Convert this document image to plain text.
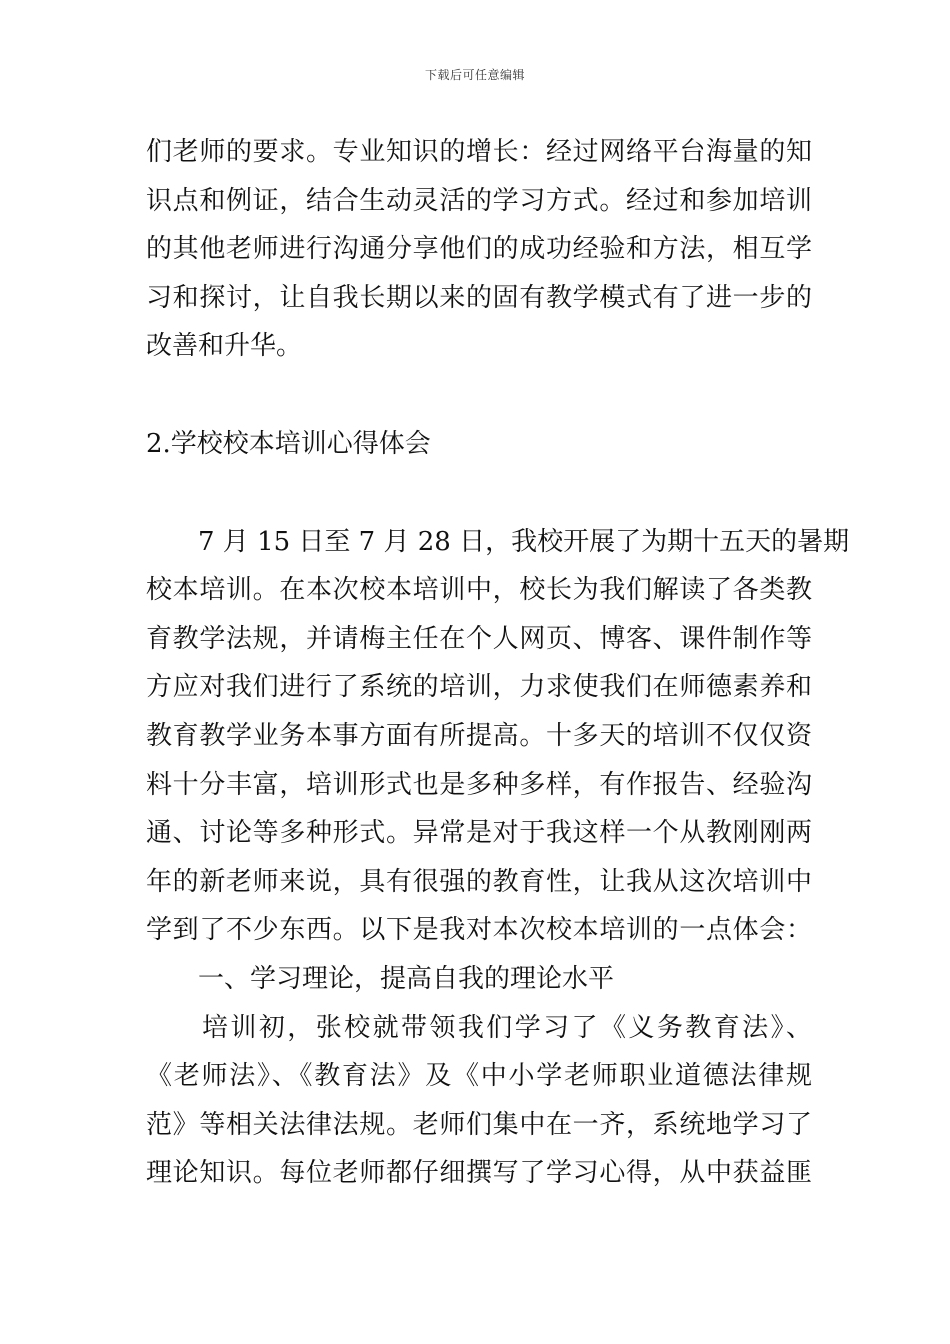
下载后可任意编辑
们老师的要求。专业知识的增长：经过网络平台海量的知
识点和例证，结合生动灵活的学习方式。经过和参加培训
的其他老师进行沟通分享他们的成功经验和方法，相互学
习和探讨，让自我长期以来的固有教学模式有了进一步的
改善和升华。
2.学校校本培训心得体会
7 月 15 日至 7 月 28 日，我校开展了为期十五天的暑期
校本培训。在本次校本培训中，校长为我们解读了各类教
育教学法规，并请梅主任在个人网页、博客、课件制作等
方应对我们进行了系统的培训，力求使我们在师德素养和
教育教学业务本事方面有所提高。十多天的培训不仅仅资
料十分丰富，培训形式也是多种多样，有作报告、经验沟
通、讨论等多种形式。异常是对于我这样一个从教刚刚两
年的新老师来说，具有很强的教育性，让我从这次培训中
学到了不少东西。以下是我对本次校本培训的一点体会：
一、学习理论，提高自我的理论水平
培训初，张校就带领我们学习了《义务教育法》、
《老师法》、《教育法》及《中小学老师职业道德法律规
范》等相关法律法规。老师们集中在一齐，系统地学习了
理论知识。每位老师都仔细撰写了学习心得，从中获益匪
